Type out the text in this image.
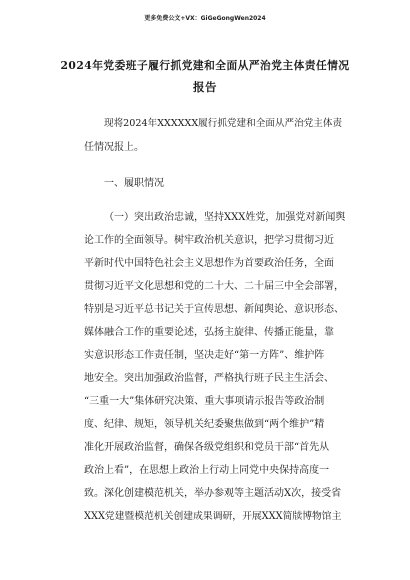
更多免费公文+VX：GiGeGongWen2024
2024年党委班子履行抓党建和全面从严治党主体责任情况
报告
现将2024年XXXXXX履行抓党建和全面从严治党主体责
任情况报上。
一、履职情况
（一）突出政治忠诚，坚持XXX姓党，加强党对新闻舆
论工作的全面领导。树牢政治机关意识，把学习贯彻习近
平新时代中国特色社会主义思想作为首要政治任务，全面
贯彻习近平文化思想和党的二十大、二十届三中全会部署，
特别是习近平总书记关于宣传思想、新闻舆论、意识形态、
媒体融合工作的重要论述，弘扬主旋律、传播正能量，靠
实意识形态工作责任制，坚决走好“第一方阵”、维护阵
地安全。突出加强政治监督，严格执行班子民主生活会、
“三重一大”集体研究决策、重大事项请示报告等政治制
度、纪律、规矩，领导机关纪委聚焦做到“两个维护”精
准化开展政治监督，确保各级党组织和党员干部“首先从
政治上看”，在思想上政治上行动上同党中央保持高度一
致。深化创建模范机关，举办参观等主题活动X次，接受省
XXX党建暨模范机关创建成果调研，开展XXX简牍博物馆主
